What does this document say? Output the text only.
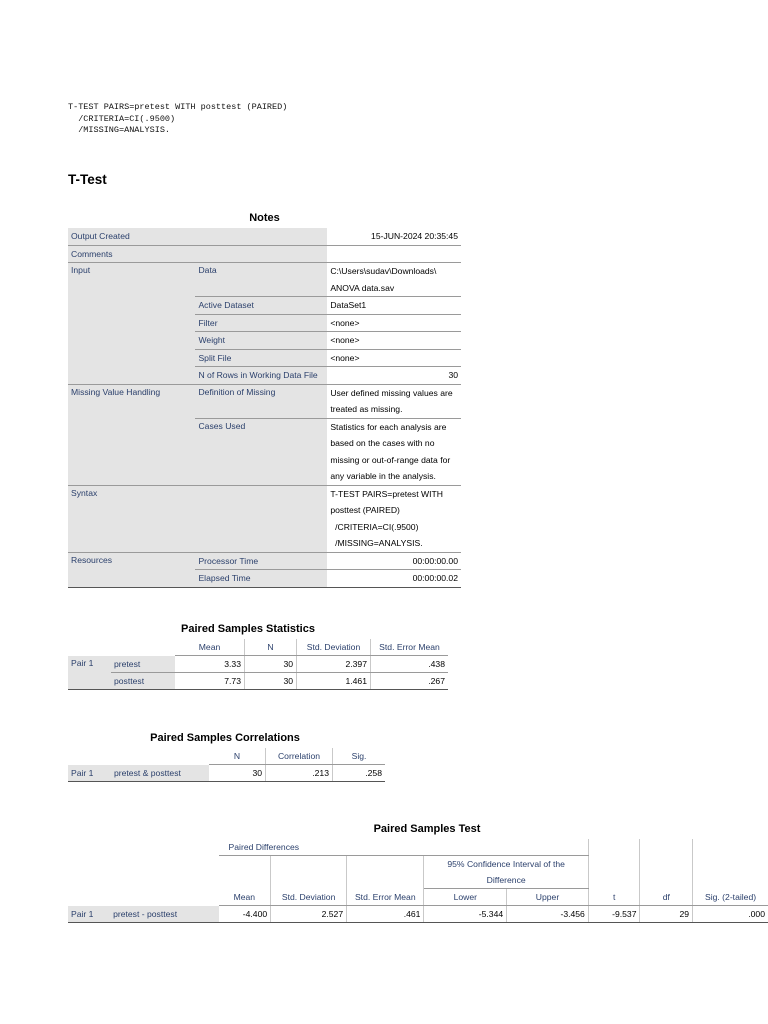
T-TEST PAIRS=pretest WITH posttest (PAIRED)
/CRITERIA=CI(.9500)
/MISSING=ANALYSIS.
T-Test
Notes
Output Created		15-JUN-2024 20:35:45
Comments		
Input	Data	C:\Users\sudav\Downloads\ ANOVA data.sav
	Active Dataset	DataSet1
	Filter	<none>
	Weight	<none>
	Split File	<none>
	N of Rows in Working Data File	30
Missing Value Handling	Definition of Missing	User defined missing values are treated as missing.
	Cases Used	Statistics for each analysis are based on the cases with no missing or out-of-range data for any variable in the analysis.
Syntax		T-TEST PAIRS=pretest WITH
posttest (PAIRED)
/CRITERIA=CI(.9500)
/MISSING=ANALYSIS.

Resources	Processor Time	00:00:00.00
	Elapsed Time	00:00:00.02
Paired Samples Statistics
		Mean	N	Std. Deviation	Std. Error Mean
Pair 1	pretest	3.33	30	2.397	.438
	posttest	7.73	30	1.461	.267
Paired Samples Correlations
		N	Correlation	Sig.
Pair 1	pretest & posttest	30	.213	.258
Paired Samples Test
		Paired Differences							
					95% Confidence Interval of the				
					Difference				
		Mean	Std. Deviation	Std. Error Mean	Lower	Upper	t	df	Sig. (2-tailed)
Pair 1	pretest - posttest	-4.400	2.527	.461	-5.344	-3.456	-9.537	29	.000
